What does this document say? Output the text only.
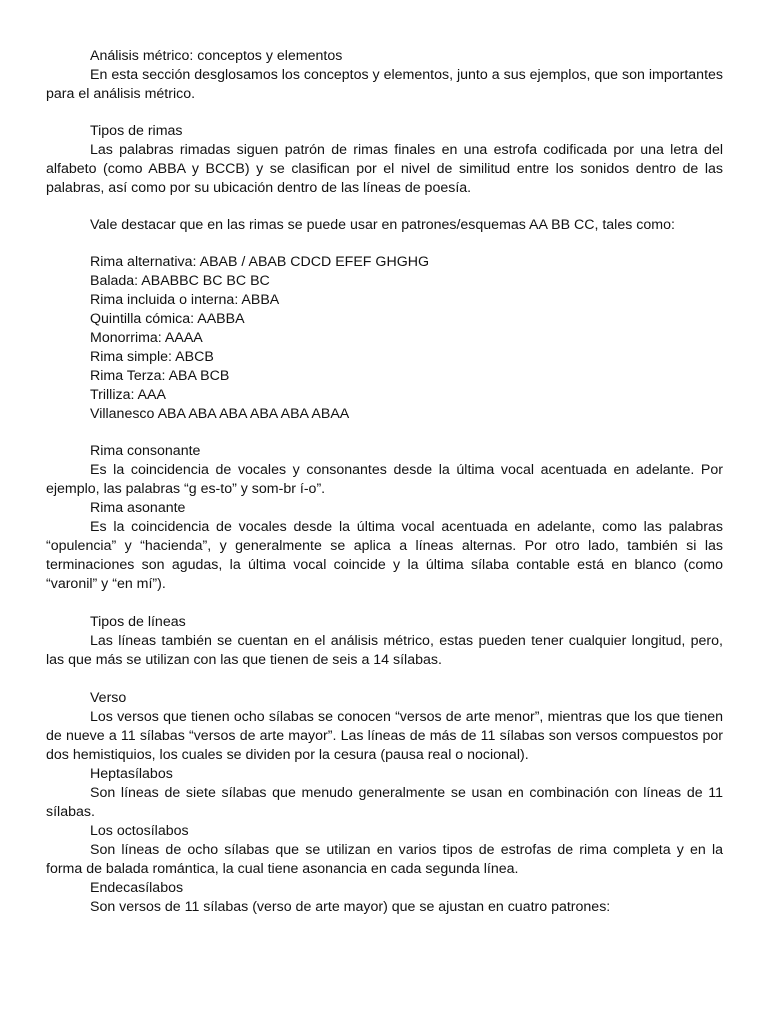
Análisis métrico: conceptos y elementos

En esta sección desglosamos los conceptos y elementos, junto a sus ejemplos, que son importantes para el análisis métrico.

Tipos de rimas

Las palabras rimadas siguen patrón de rimas finales en una estrofa codificada por una letra del alfabeto (como ABBA y BCCB) y se clasifican por el nivel de similitud entre los sonidos dentro de las palabras, así como por su ubicación dentro de las líneas de poesía.

Vale destacar que en las rimas se puede usar en patrones/esquemas AA BB CC, tales como:

Rima alternativa: ABAB / ABAB CDCD EFEF GHGHG
Balada: ABABBC BC BC BC
Rima incluida o interna: ABBA
Quintilla cómica: AABBA
Monorrima: AAAA
Rima simple: ABCB
Rima Terza: ABA BCB
Trilliza: AAA
Villanesco ABA ABA ABA ABA ABA ABAA

Rima consonante

Es la coincidencia de vocales y consonantes desde la última vocal acentuada en adelante. Por ejemplo, las palabras “g es-to” y som-br í-o”.

Rima asonante

Es la coincidencia de vocales desde la última vocal acentuada en adelante, como las palabras “opulencia” y “hacienda”, y generalmente se aplica a líneas alternas. Por otro lado, también si las terminaciones son agudas, la última vocal coincide y la última sílaba contable está en blanco (como “varonil” y “en mí”).

Tipos de líneas

Las líneas también se cuentan en el análisis métrico, estas pueden tener cualquier longitud, pero, las que más se utilizan con las que tienen de seis a 14 sílabas.

Verso

Los versos que tienen ocho sílabas se conocen “versos de arte menor”, mientras que los que tienen de nueve a 11 sílabas “versos de arte mayor”. Las líneas de más de 11 sílabas son versos compuestos por dos hemistiquios, los cuales se dividen por la cesura (pausa real o nocional).

Heptasílabos

Son líneas de siete sílabas que menudo generalmente se usan en combinación con líneas de 11 sílabas.

Los octosílabos

Son líneas de ocho sílabas que se utilizan en varios tipos de estrofas de rima completa y en la forma de balada romántica, la cual tiene asonancia en cada segunda línea.

Endecasílabos

Son versos de 11 sílabas (verso de arte mayor) que se ajustan en cuatro patrones:
